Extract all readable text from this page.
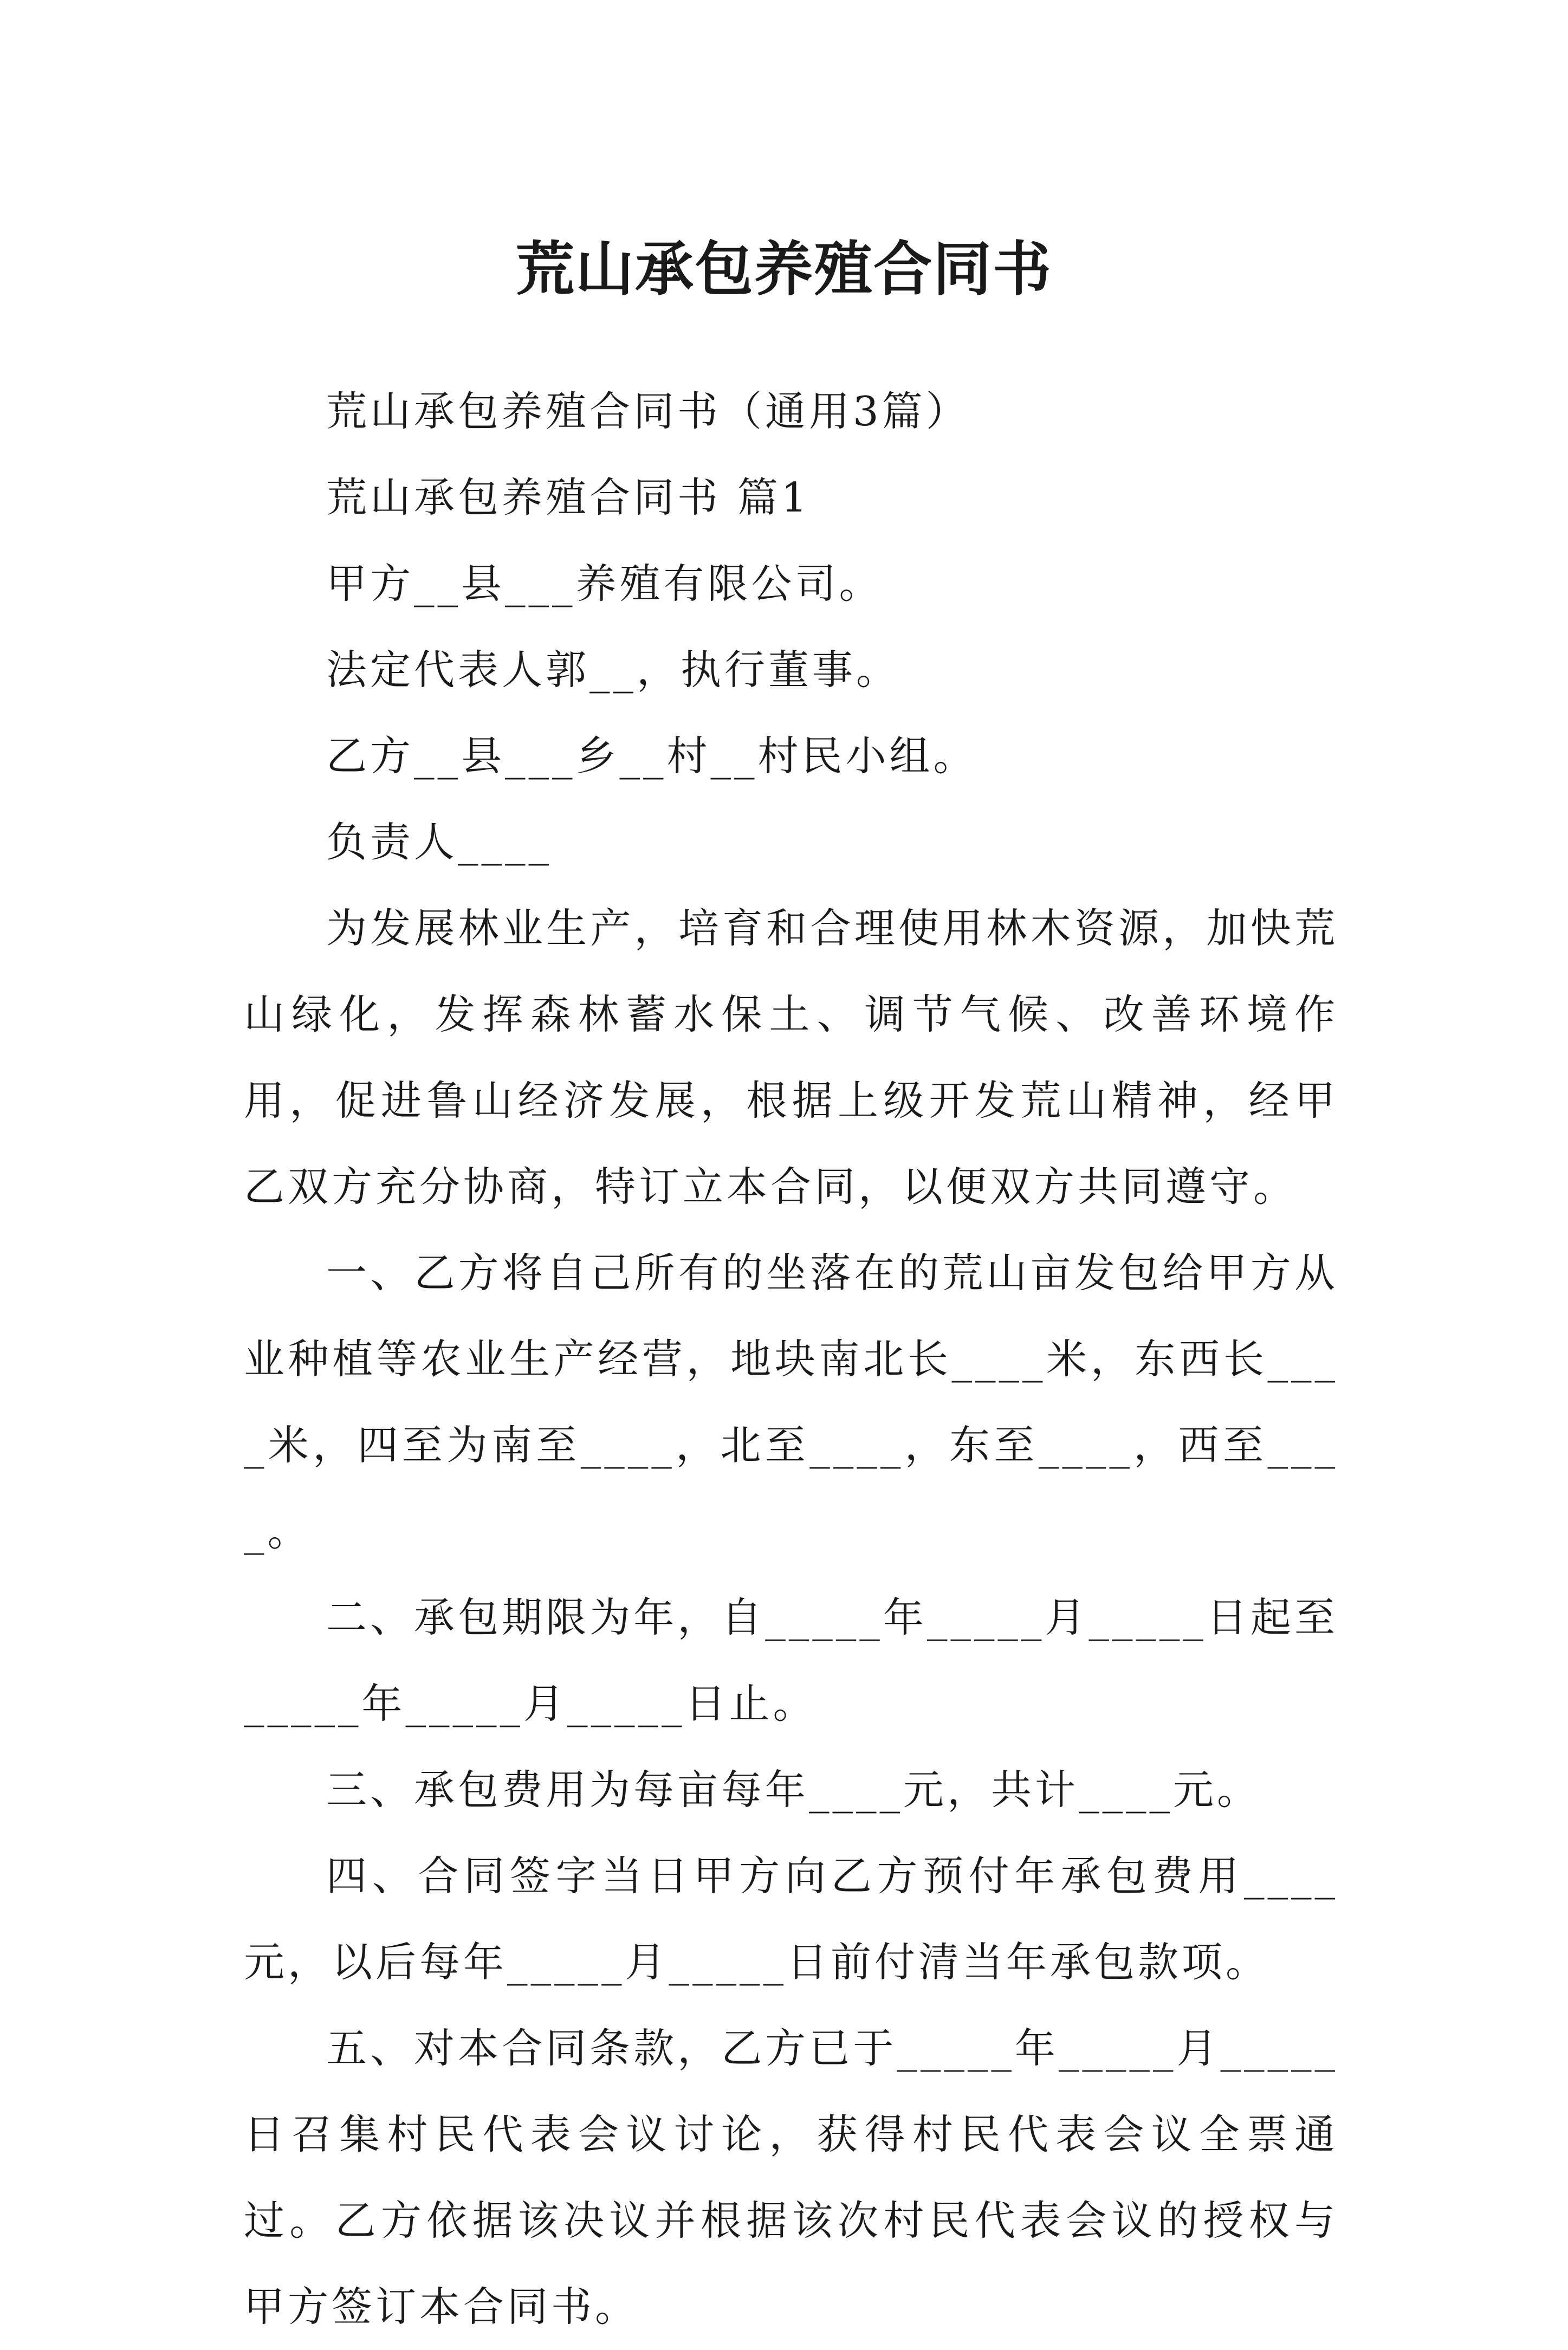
荒山承包养殖合同书

荒山承包养殖合同书（通用3篇）

荒山承包养殖合同书 篇1

甲方__县___养殖有限公司。

法定代表人郭__，执行董事。

乙方__县___乡__村__村民小组。

负责人____

为发展林业生产，培育和合理使用林木资源，加快荒山绿化，发挥森林蓄水保土、调节气候、改善环境作用，促进鲁山经济发展，根据上级开发荒山精神，经甲乙双方充分协商，特订立本合同，以便双方共同遵守。

一、乙方将自己所有的坐落在的荒山亩发包给甲方从业种植等农业生产经营，地块南北长____米，东西长____米，四至为南至____，北至____，东至____，西至____。

二、承包期限为年，自_____年_____月_____日起至_____年_____月_____日止。

三、承包费用为每亩每年____元，共计____元。

四、合同签字当日甲方向乙方预付年承包费用____元，以后每年_____月_____日前付清当年承包款项。

五、对本合同条款，乙方已于_____年_____月_____日召集村民代表会议讨论，获得村民代表会议全票通过。乙方依据该决议并根据该次村民代表会议的授权与甲方签订本合同书。
